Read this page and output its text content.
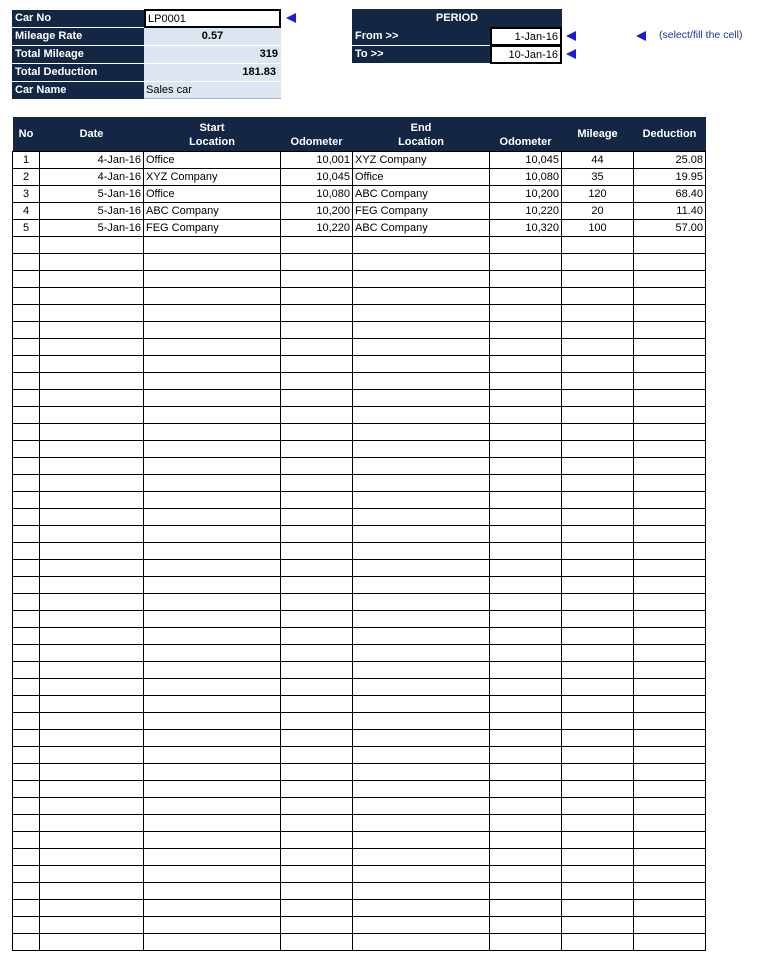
Car No	LP0001
Mileage Rate	0.57
Total Mileage	319
Total Deduction	181.83
Car Name	Sales car
PERIOD
From >>	1-Jan-16
To >>	10-Jan-16
(select/fill the cell)
No	Date	Start		End		Mileage	Deduction
		Location	Odometer	Location	Odometer		
1	4-Jan-16	Office	10,001	XYZ Company	10,045	44	25.08
2	4-Jan-16	XYZ Company	10,045	Office	10,080	35	19.95
3	5-Jan-16	Office	10,080	ABC Company	10,200	120	68.40
4	5-Jan-16	ABC Company	10,200	FEG Company	10,220	20	11.40
5	5-Jan-16	FEG Company	10,220	ABC Company	10,320	100	57.00
